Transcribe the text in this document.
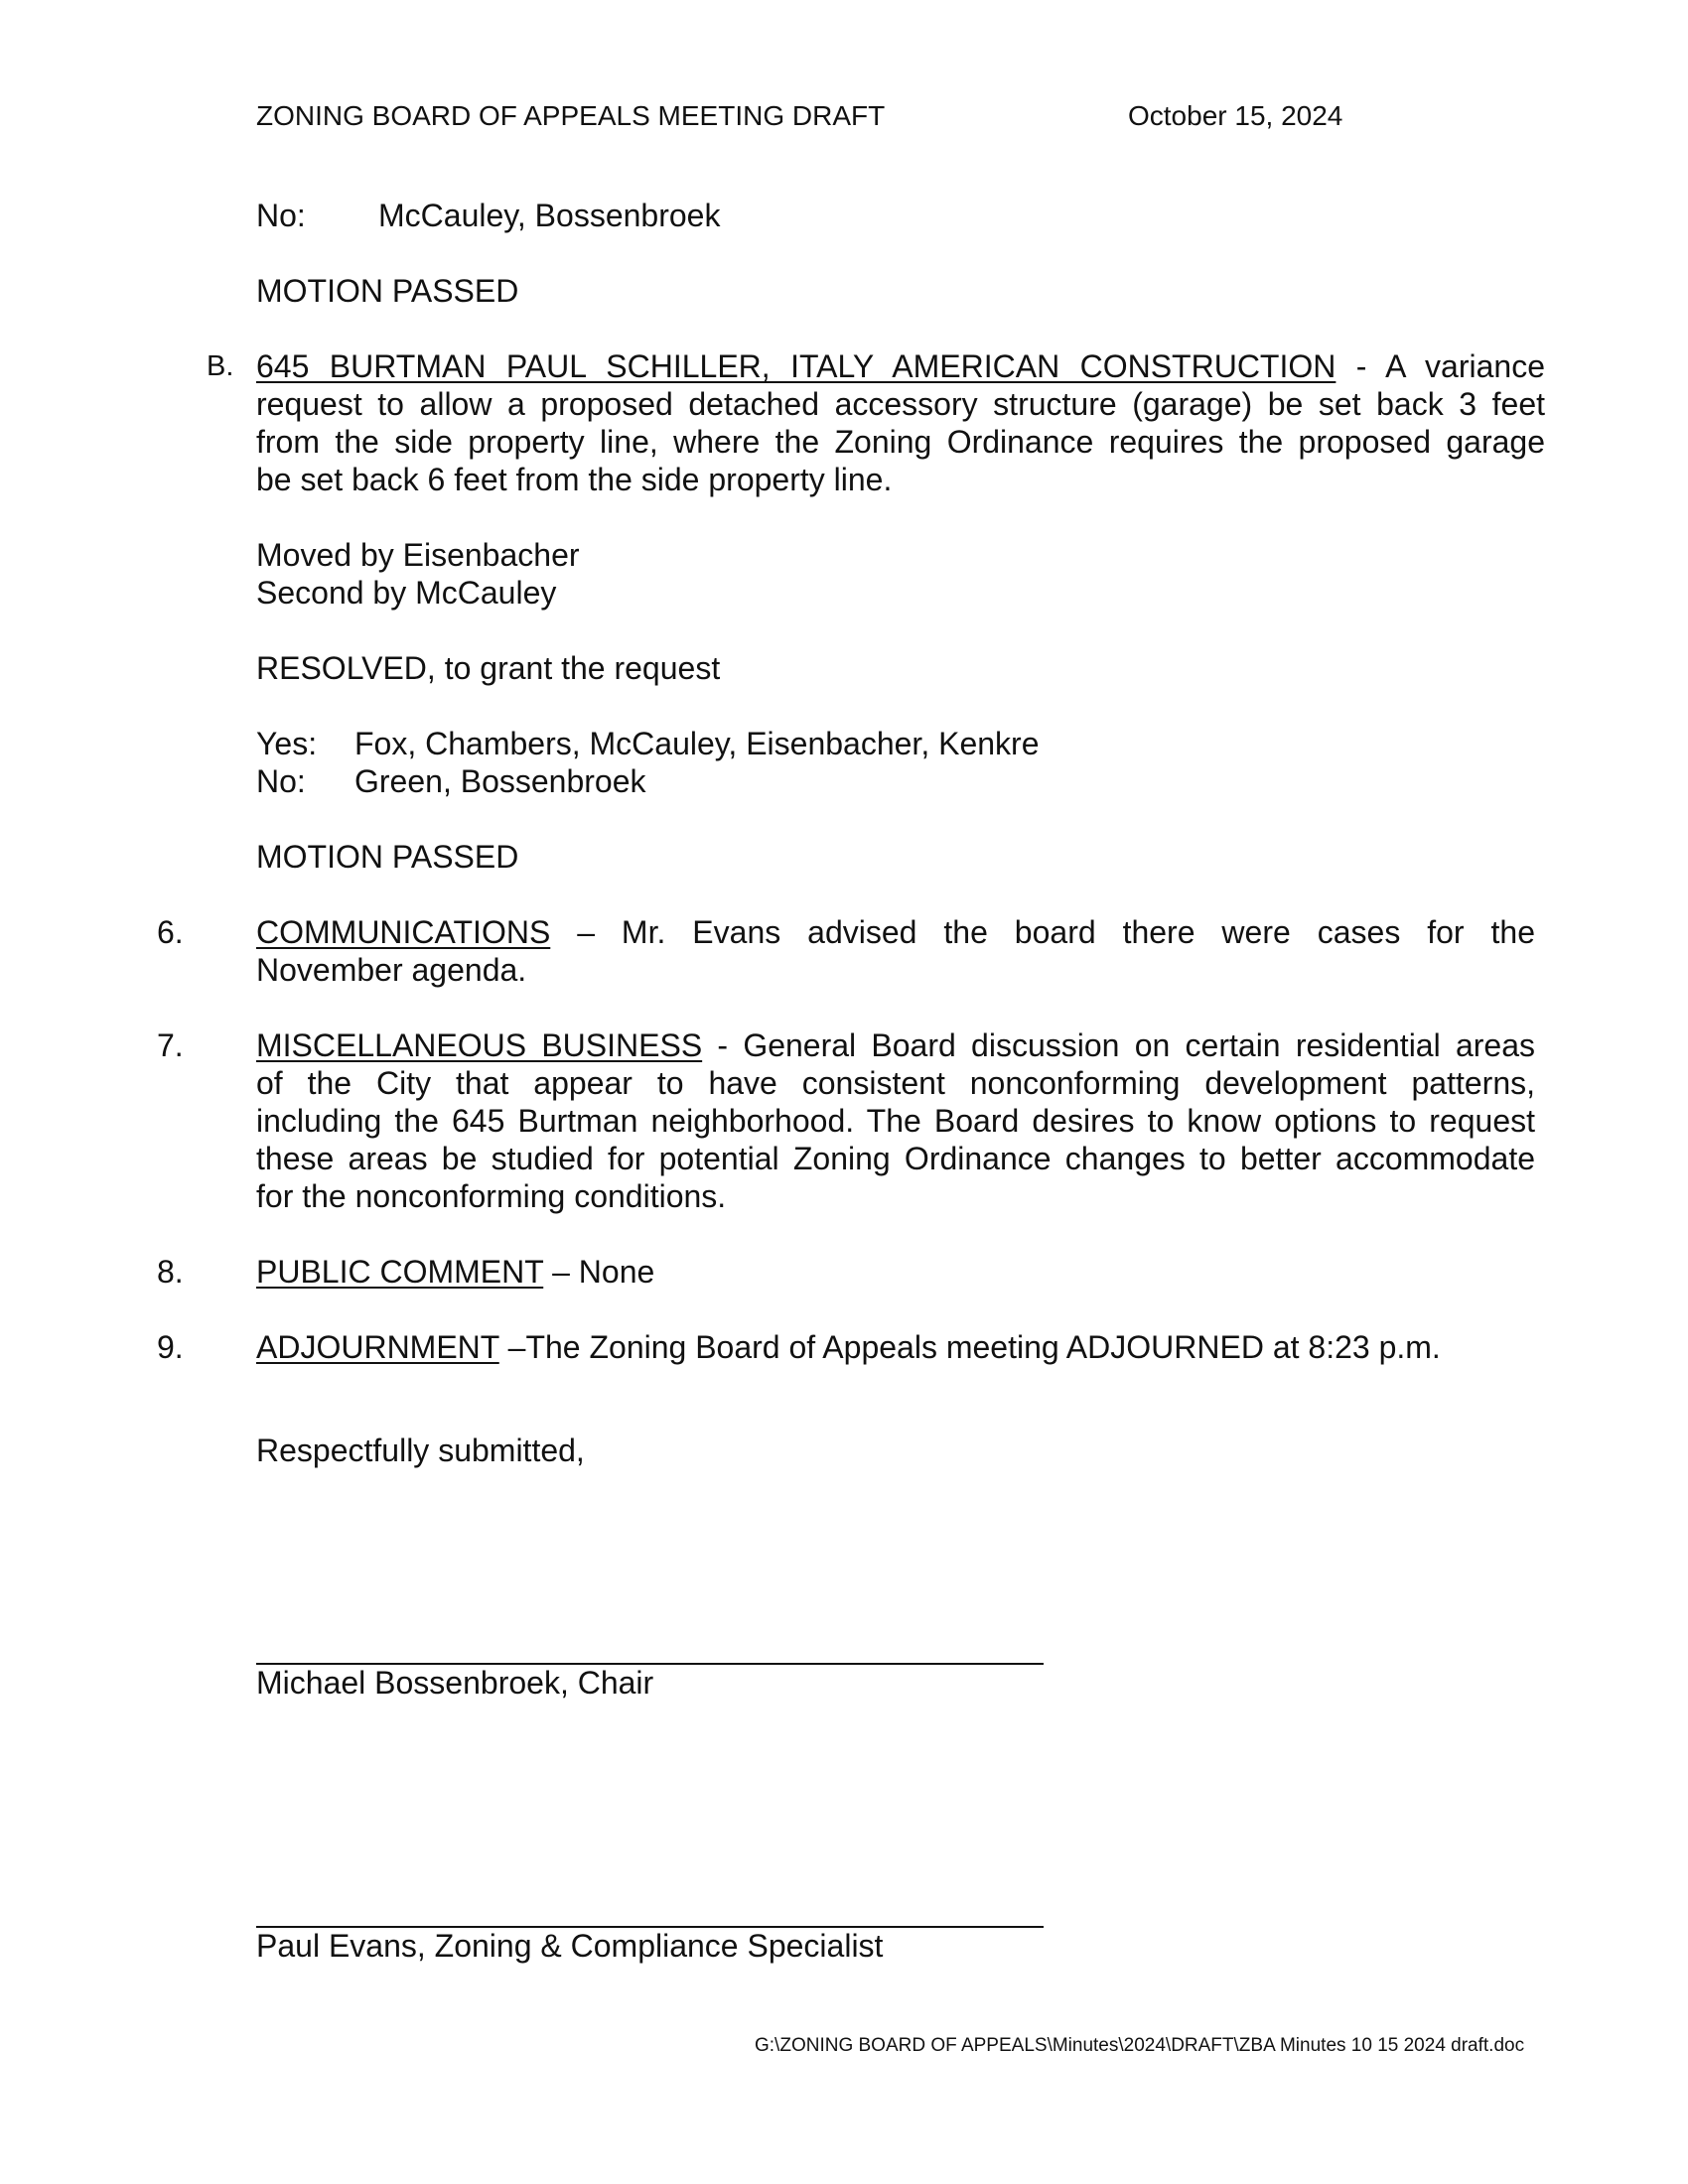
ZONING BOARD OF APPEALS MEETING DRAFT	October 15, 2024
No: McCauley, Bossenbroek
MOTION PASSED
B. 645 BURTMAN PAUL SCHILLER, ITALY AMERICAN CONSTRUCTION - A variance
request to allow a proposed detached accessory structure (garage) be set back 3 feet
from the side property line, where the Zoning Ordinance requires the proposed garage
be set back 6 feet from the side property line.
Moved by Eisenbacher
Second by McCauley
RESOLVED, to grant the request
Yes: Fox, Chambers, McCauley, Eisenbacher, Kenkre
No: Green, Bossenbroek
MOTION PASSED
6. COMMUNICATIONS – Mr. Evans advised the board there were cases for the
November agenda.
7. MISCELLANEOUS BUSINESS - General Board discussion on certain residential areas
of the City that appear to have consistent nonconforming development patterns,
including the 645 Burtman neighborhood. The Board desires to know options to request
these areas be studied for potential Zoning Ordinance changes to better accommodate
for the nonconforming conditions.
8. PUBLIC COMMENT – None
9. ADJOURNMENT –The Zoning Board of Appeals meeting ADJOURNED at 8:23 p.m.
Respectfully submitted,
Michael Bossenbroek, Chair
Paul Evans, Zoning & Compliance Specialist
G:\ZONING BOARD OF APPEALS\Minutes\2024\DRAFT\ZBA Minutes 10 15 2024 draft.doc
